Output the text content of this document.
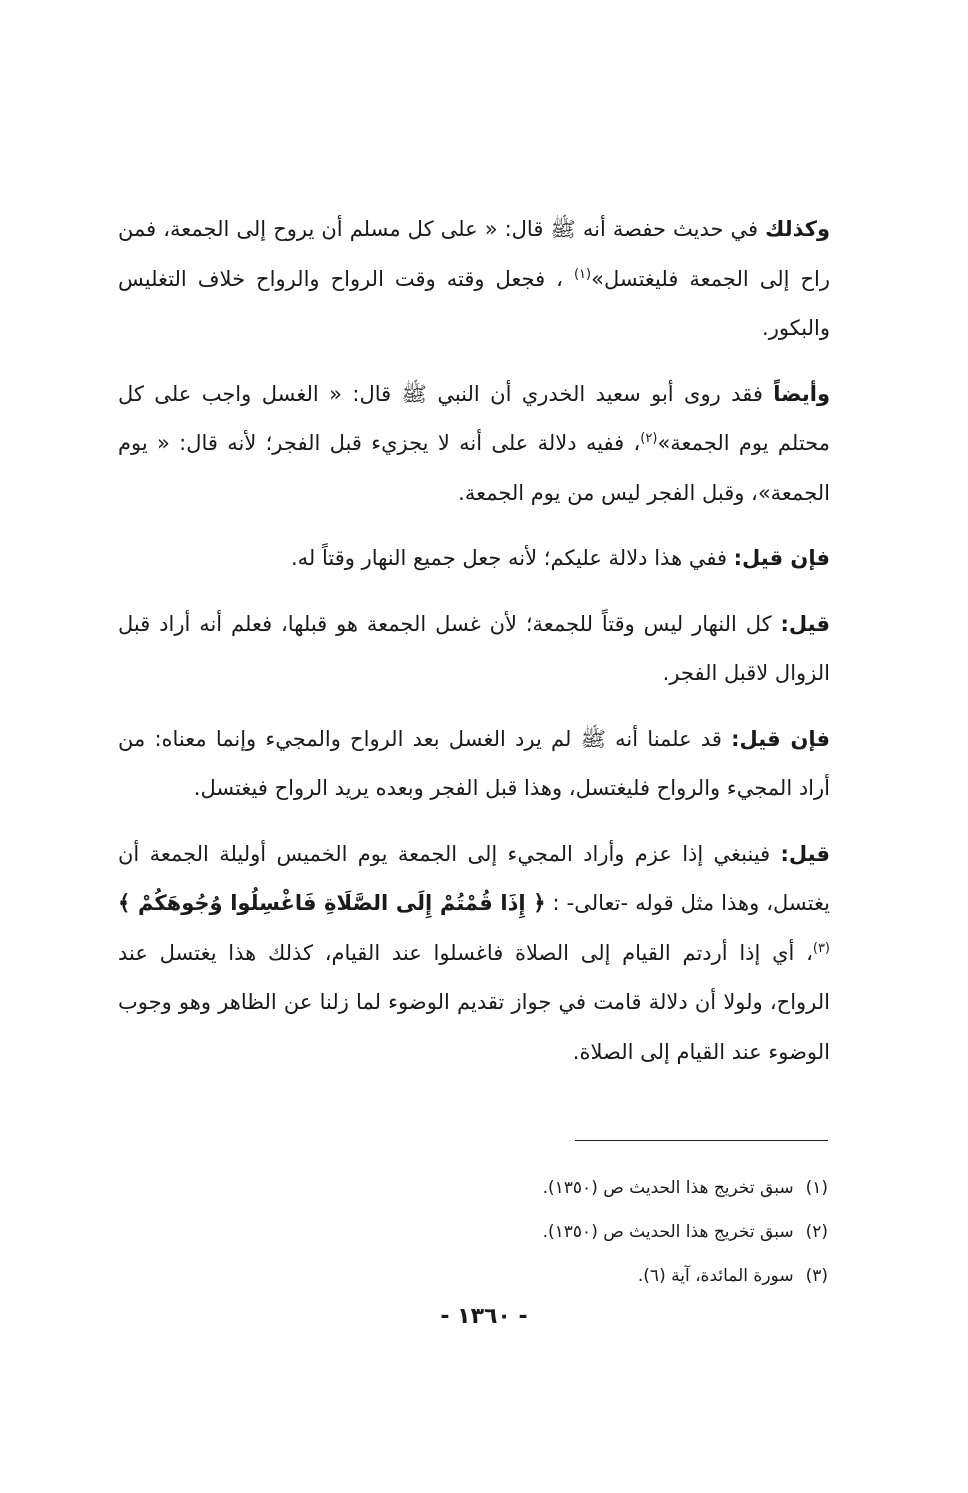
وكذلك في حديث حفصة أنه ﷺ قال: « على كل مسلم أن يروح إلى الجمعة، فمن راح إلى الجمعة فليغتسل»$^{(١)}$ ، فجعل وقته وقت الرواح والرواح خلاف التغليس والبكور.

وأيضاً فقد روى أبو سعيد الخدري أن النبي ﷺ قال: « الغسل واجب على كل محتلم يوم الجمعة»$^{(٢)}$، ففيه دلالة على أنه لا يجزيء قبل الفجر؛ لأنه قال: « يوم الجمعة»، وقبل الفجر ليس من يوم الجمعة.

فإن قيل: ففي هذا دلالة عليكم؛ لأنه جعل جميع النهار وقتاً له.

قيل: كل النهار ليس وقتاً للجمعة؛ لأن غسل الجمعة هو قبلها، فعلم أنه أراد قبل الزوال لاقبل الفجر.

فإن قيل: قد علمنا أنه ﷺ لم يرد الغسل بعد الرواح والمجيء وإنما معناه: من أراد المجيء والرواح فليغتسل، وهذا قبل الفجر وبعده يريد الرواح فيغتسل.

قيل: فينبغي إذا عزم وأراد المجيء إلى الجمعة يوم الخميس أوليلة الجمعة أن يغتسل، وهذا مثل قوله -تعالى- : ﴿ إِذَا قُمْتُمْ إِلَى الصَّلَاةِ فَاغْسِلُوا وُجُوهَكُمْ ﴾$^{(٣)}$، أي إذا أردتم القيام إلى الصلاة فاغسلوا عند القيام، كذلك هذا يغتسل عند الرواح، ولولا أن دلالة قامت في جواز تقديم الوضوء لما زلنا عن الظاهر وهو وجوب الوضوء عند القيام إلى الصلاة.

(١)سبق تخريج هذا الحديث ص (١٣٥٠).

(٢)سبق تخريج هذا الحديث ص (١٣٥٠).

(٣)سورة المائدة، آية (٦).

- ١٣٦٠ -
